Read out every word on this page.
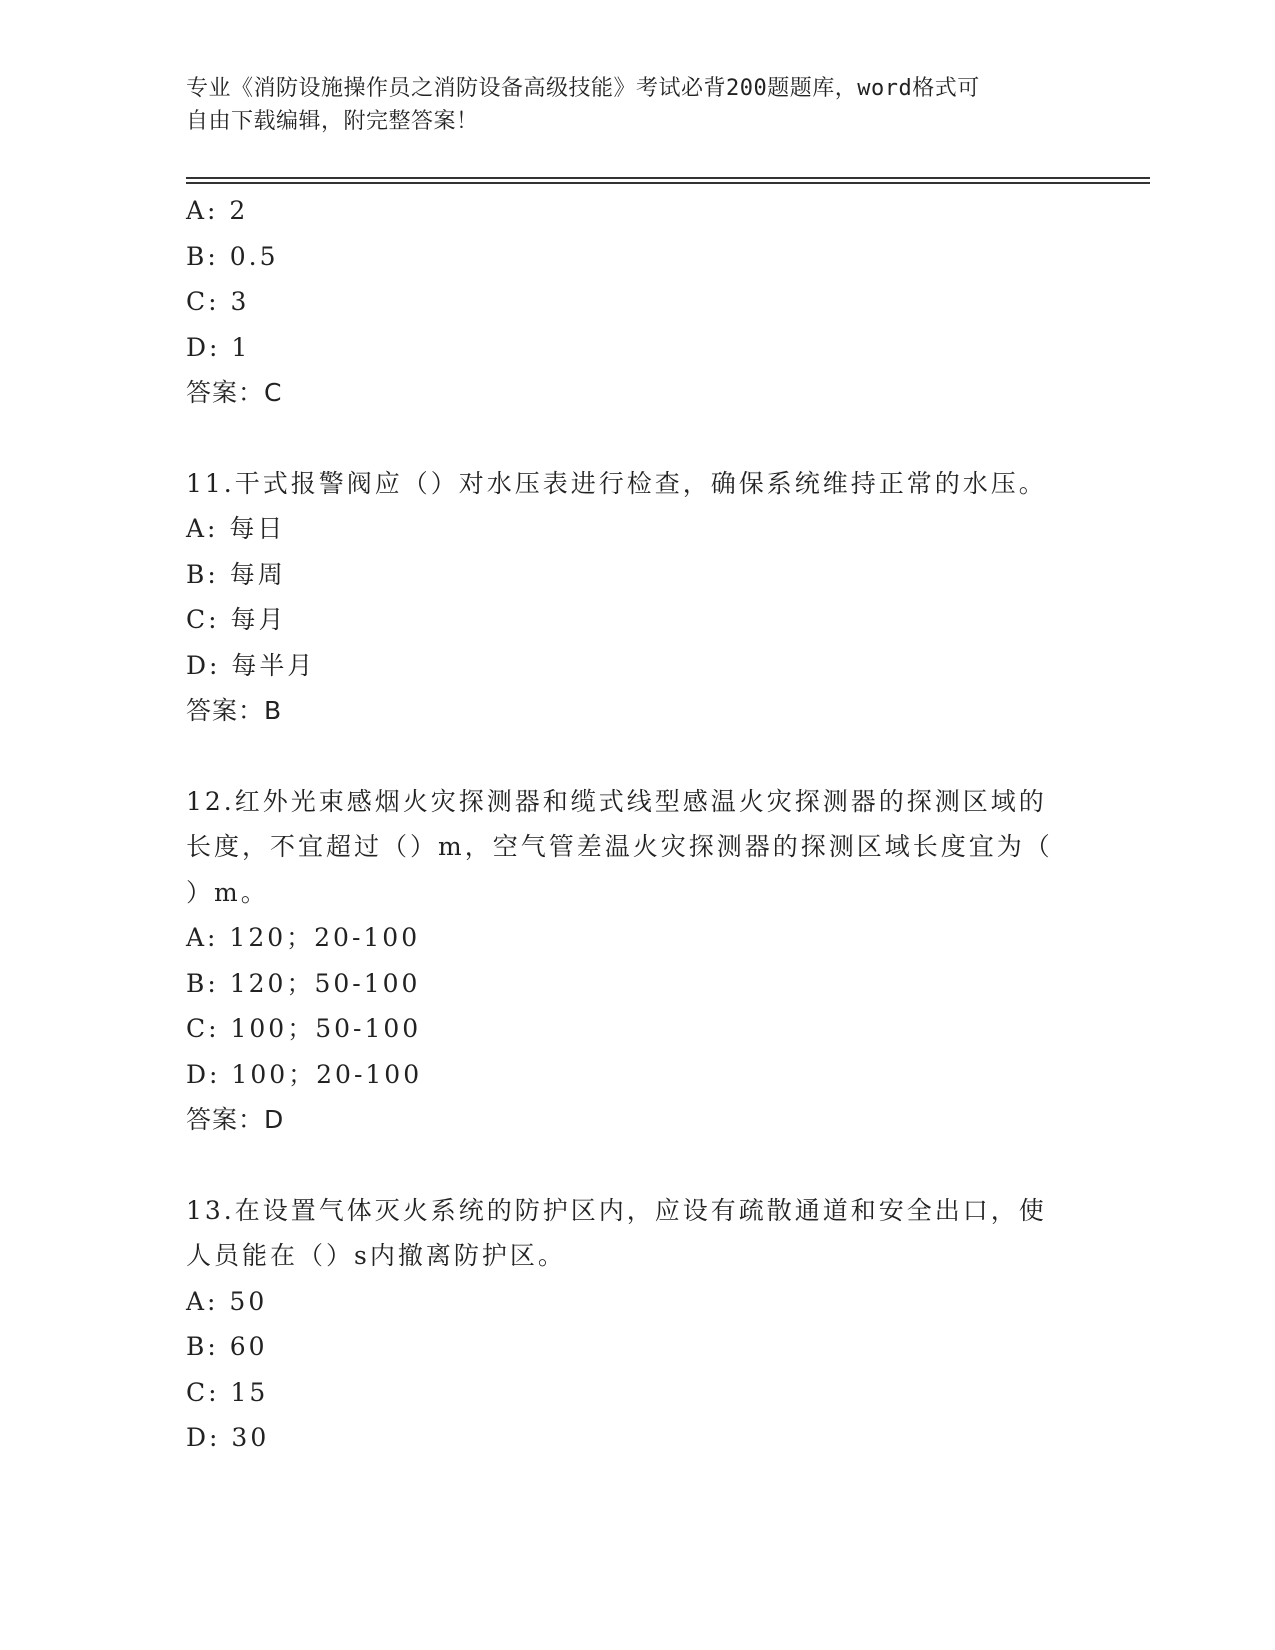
专业《消防设施操作员之消防设备高级技能》考试必背200题题库，word格式可
自由下载编辑，附完整答案！
A: 2
B: 0.5
C: 3
D: 1
答案：C
11.干式报警阀应（）对水压表进行检查，确保系统维持正常的水压。
A: 每日
B: 每周
C: 每月
D: 每半月
答案：B
12.红外光束感烟火灾探测器和缆式线型感温火灾探测器的探测区域的
长度，不宜超过（）m，空气管差温火灾探测器的探测区域长度宜为（
）m。
A: 120；20-100
B: 120；50-100
C: 100；50-100
D: 100；20-100
答案：D
13.在设置气体灭火系统的防护区内，应设有疏散通道和安全出口，使
人员能在（）s内撤离防护区。
A: 50
B: 60
C: 15
D: 30
